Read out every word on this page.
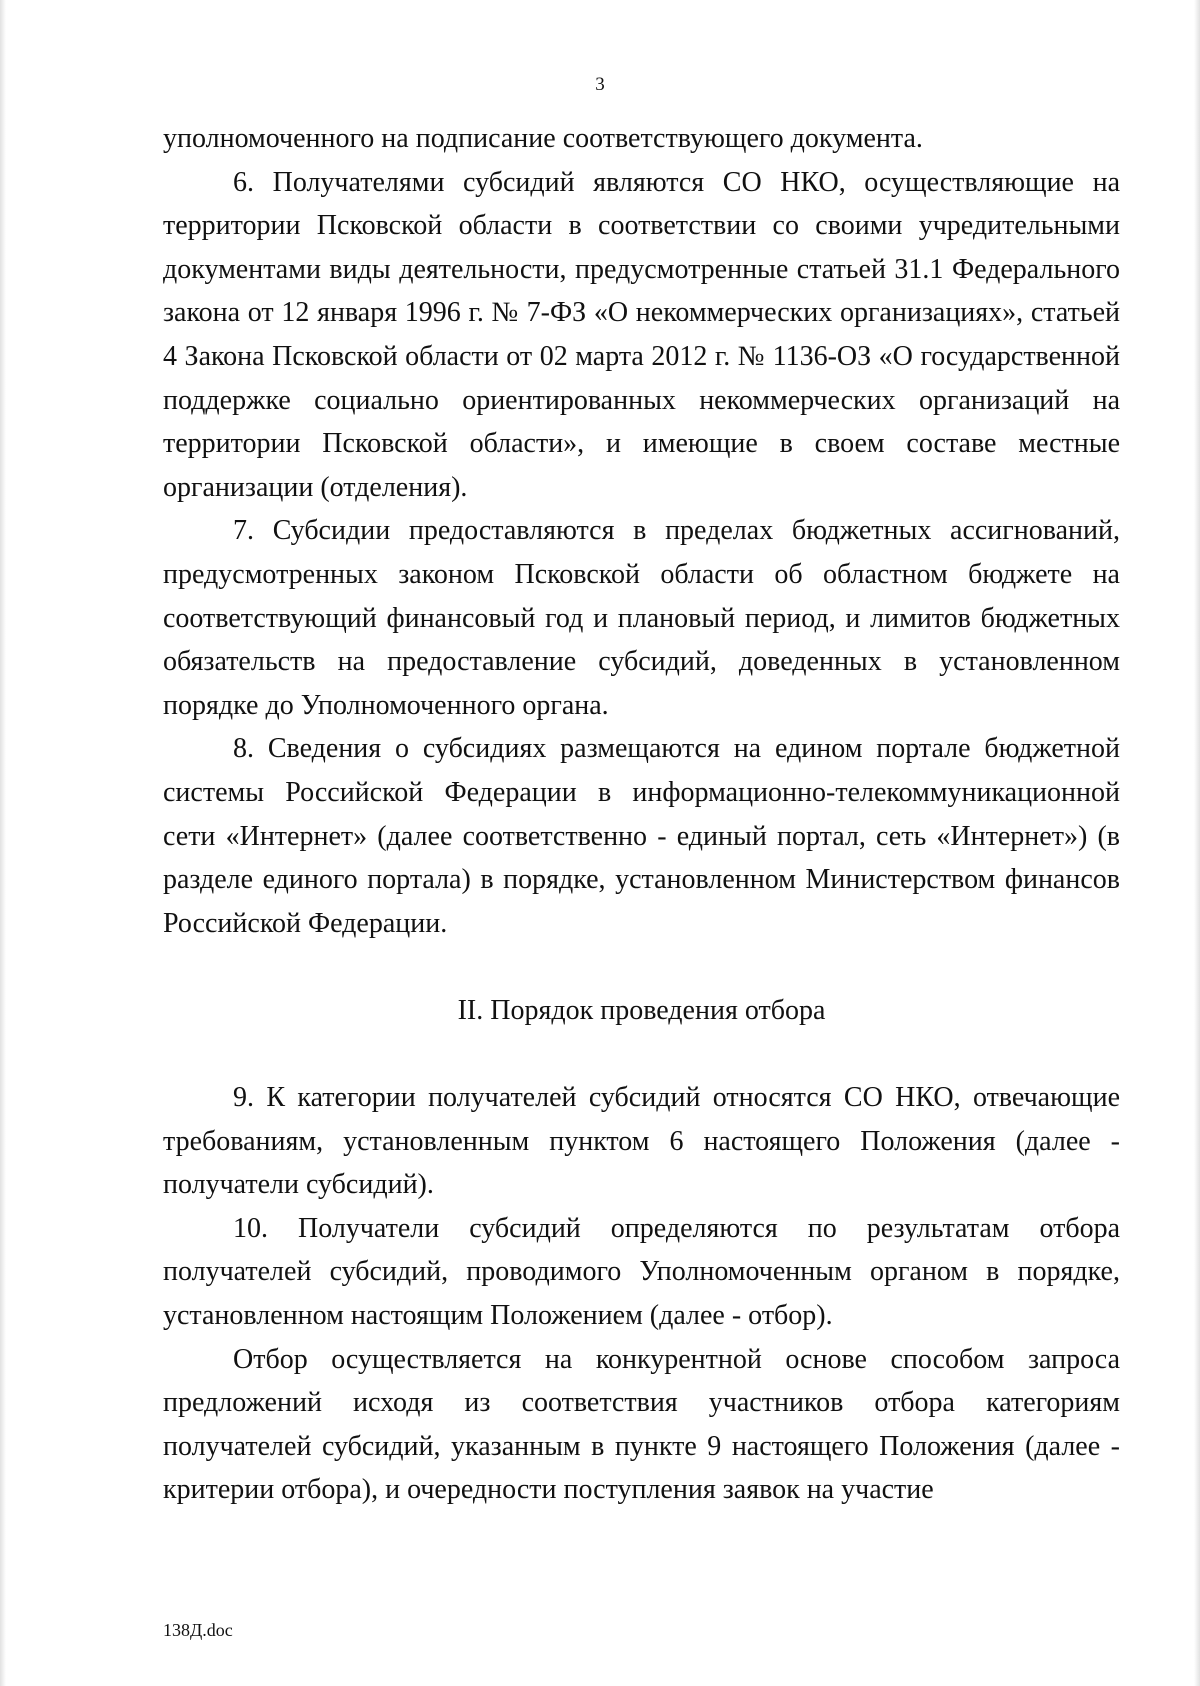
3

уполномоченного на подписание соответствующего документа.

6. Получателями субсидий являются СО НКО, осуществляющие на территории Псковской области в соответствии со своими учредительными документами виды деятельности, предусмотренные статьей 31.1 Федерального закона от 12 января 1996 г. № 7-ФЗ «О некоммерческих организациях», статьей 4 Закона Псковской области от 02 марта 2012 г. № 1136-ОЗ «О государственной поддержке социально ориентированных некоммерческих организаций на территории Псковской области», и имеющие в своем составе местные организации (отделения).

7. Субсидии предоставляются в пределах бюджетных ассигнований, предусмотренных законом Псковской области об областном бюджете на соответствующий финансовый год и плановый период, и лимитов бюджетных обязательств на предоставление субсидий, доведенных в установленном порядке до Уполномоченного органа.

8. Сведения о субсидиях размещаются на едином портале бюджетной системы Российской Федерации в информационно-телекоммуникационной сети «Интернет» (далее соответственно - единый портал, сеть «Интернет») (в разделе единого портала) в порядке, установленном Министерством финансов Российской Федерации.

II. Порядок проведения отбора

9. К категории получателей субсидий относятся СО НКО, отвечающие требованиям, установленным пунктом 6 настоящего Положения (далее - получатели субсидий).

10. Получатели субсидий определяются по результатам отбора получателей субсидий, проводимого Уполномоченным органом в порядке, установленном настоящим Положением (далее - отбор).

Отбор осуществляется на конкурентной основе способом запроса предложений исходя из соответствия участников отбора категориям получателей субсидий, указанным в пункте 9 настоящего Положения (далее - критерии отбора), и очередности поступления заявок на участие

138Д.doc
